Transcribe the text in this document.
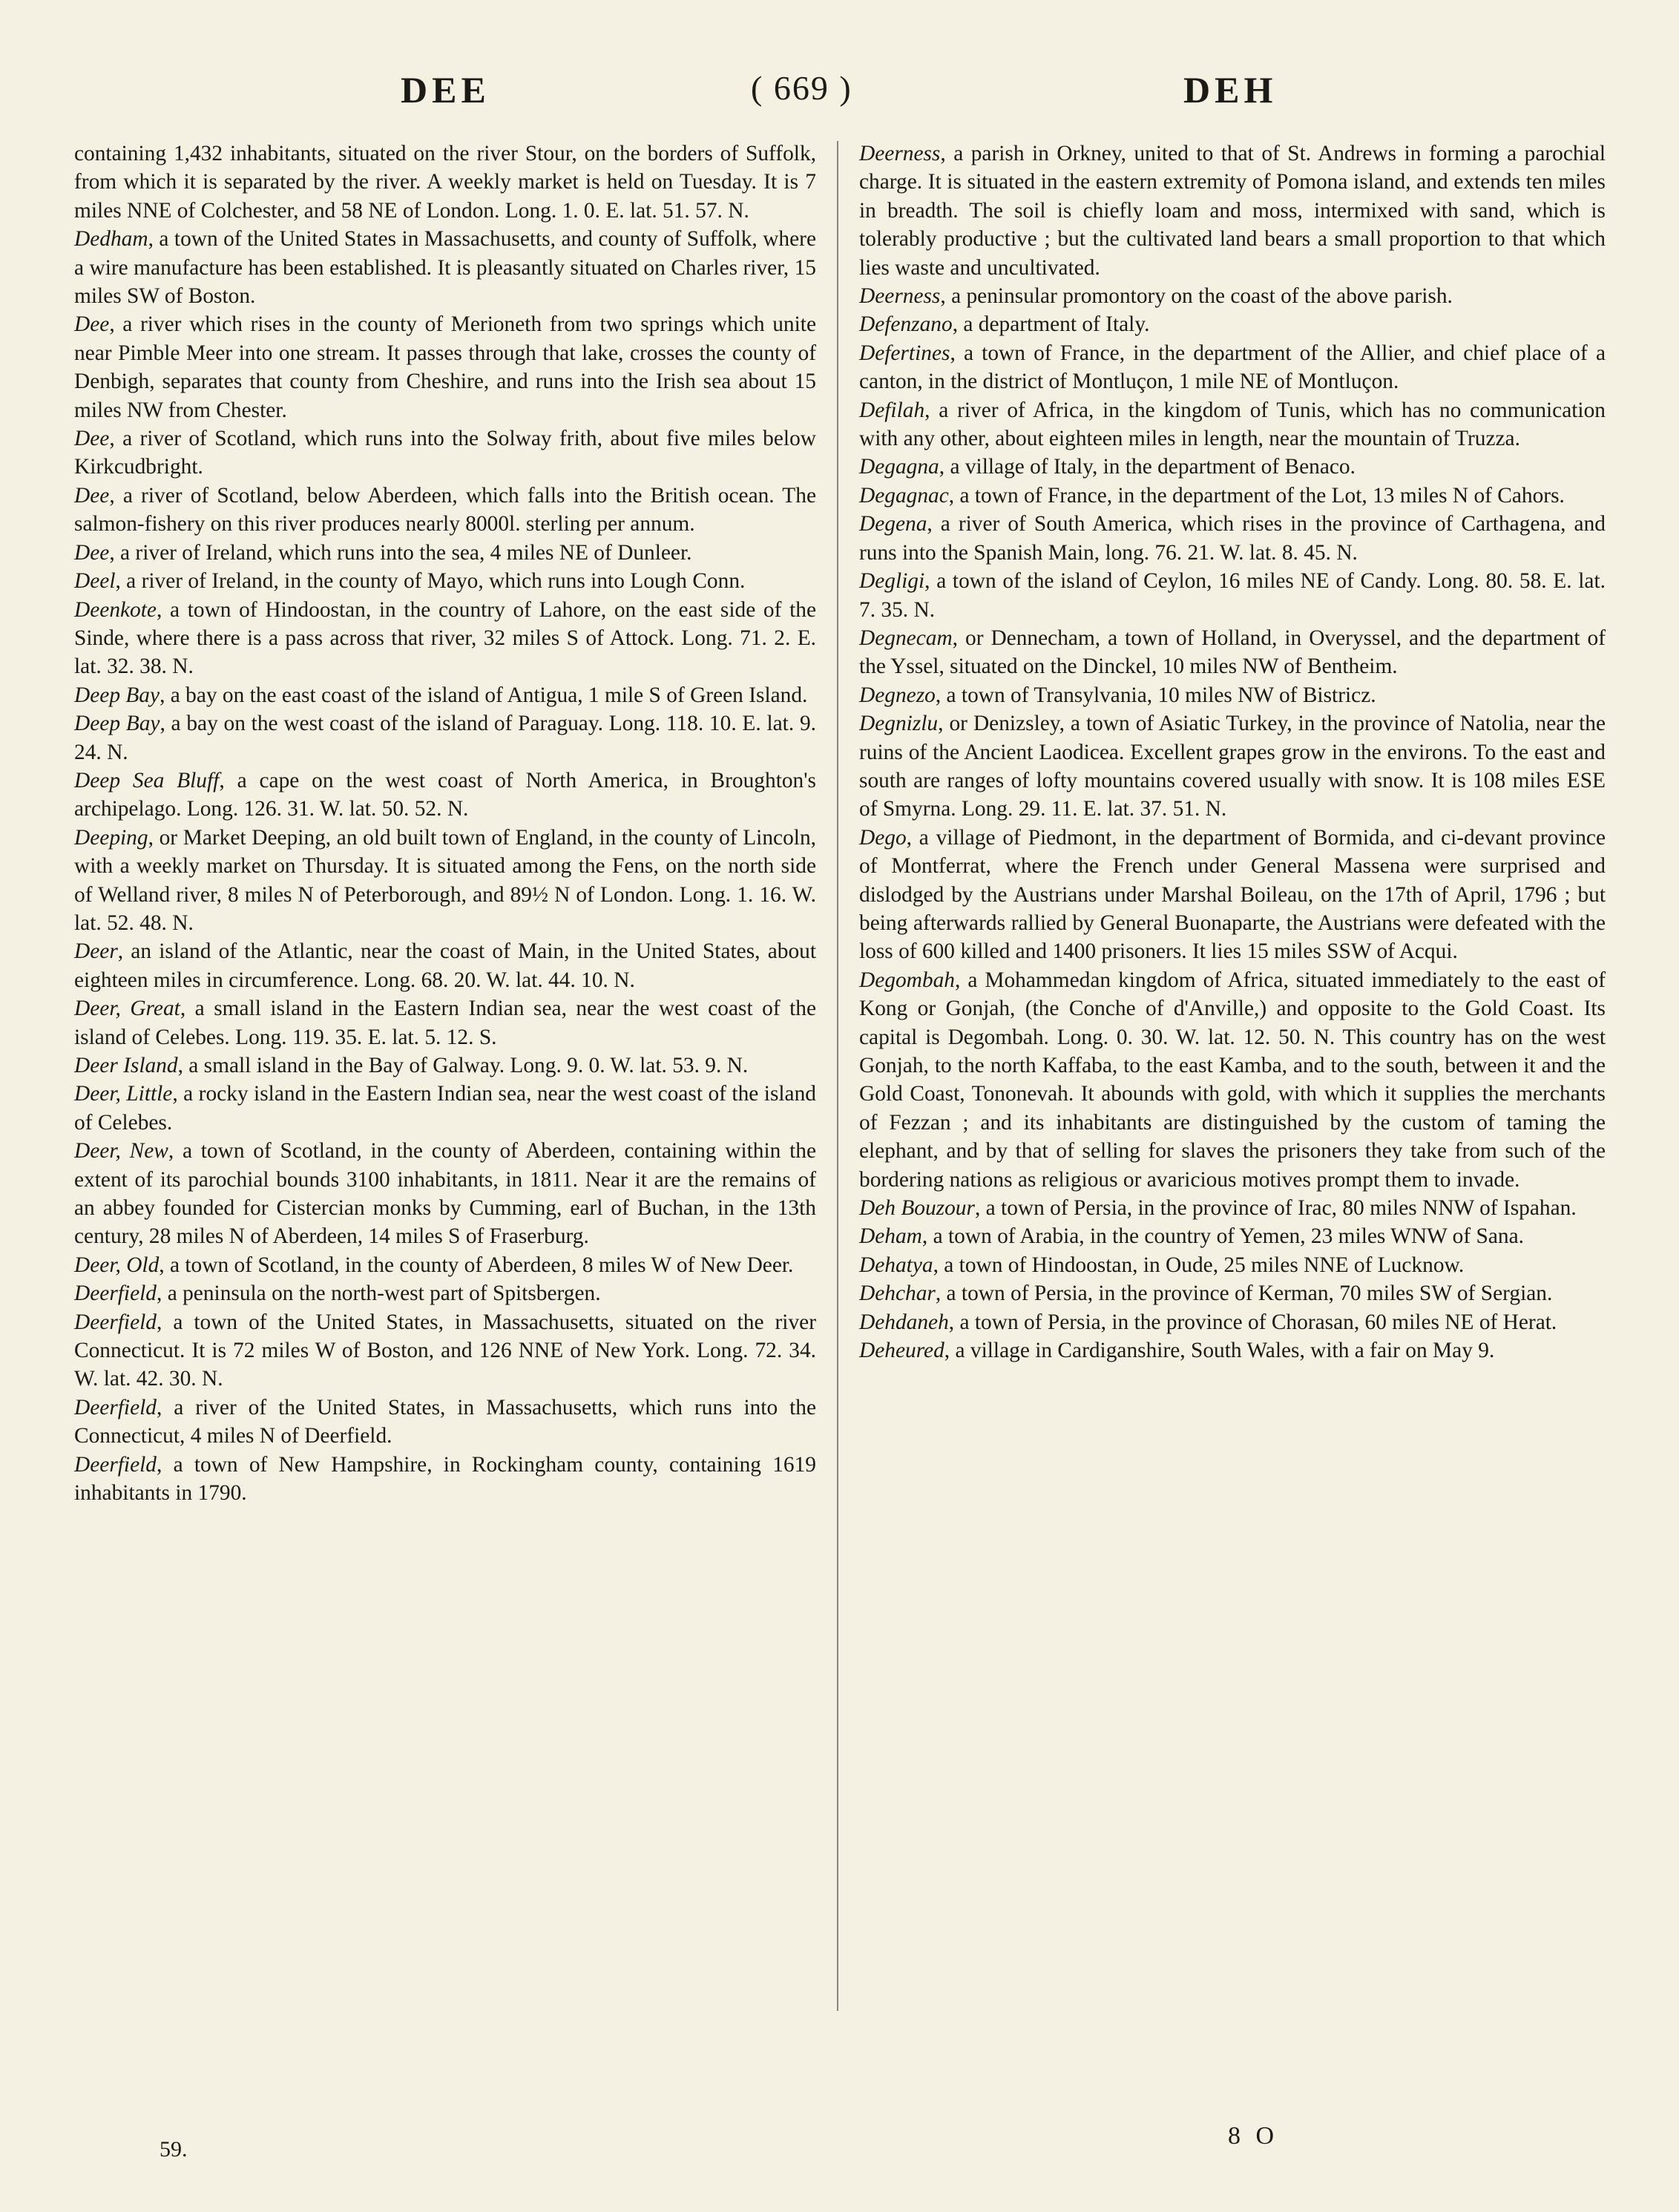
DEE	( 669 )	DEH

containing 1,432 inhabitants, situated on the river Stour, on the borders of Suffolk, from which it is separated by the river. A weekly market is held on Tuesday. It is 7 miles NNE of Colchester, and 58 NE of London. Long. 1. 0. E. lat. 51. 57. N.

Dedham, a town of the United States in Massachusetts, and county of Suffolk, where a wire manufacture has been established. It is pleasantly situated on Charles river, 15 miles SW of Boston.

Dee, a river which rises in the county of Merioneth from two springs which unite near Pimble Meer into one stream. It passes through that lake, crosses the county of Denbigh, separates that county from Cheshire, and runs into the Irish sea about 15 miles NW from Chester.

Dee, a river of Scotland, which runs into the Solway frith, about five miles below Kirkcudbright.

Dee, a river of Scotland, below Aberdeen, which falls into the British ocean. The salmon-fishery on this river produces nearly 8000l. sterling per annum.

Dee, a river of Ireland, which runs into the sea, 4 miles NE of Dunleer.

Deel, a river of Ireland, in the county of Mayo, which runs into Lough Conn.

Deenkote, a town of Hindoostan, in the country of Lahore, on the east side of the Sinde, where there is a pass across that river, 32 miles S of Attock. Long. 71. 2. E. lat. 32. 38. N.

Deep Bay, a bay on the east coast of the island of Antigua, 1 mile S of Green Island.

Deep Bay, a bay on the west coast of the island of Paraguay. Long. 118. 10. E. lat. 9. 24. N.

Deep Sea Bluff, a cape on the west coast of North America, in Broughton's archipelago. Long. 126. 31. W. lat. 50. 52. N.

Deeping, or Market Deeping, an old built town of England, in the county of Lincoln, with a weekly market on Thursday. It is situated among the Fens, on the north side of Welland river, 8 miles N of Peterborough, and 89½ N of London. Long. 1. 16. W. lat. 52. 48. N.

Deer, an island of the Atlantic, near the coast of Main, in the United States, about eighteen miles in circumference. Long. 68. 20. W. lat. 44. 10. N.

Deer, Great, a small island in the Eastern Indian sea, near the west coast of the island of Celebes. Long. 119. 35. E. lat. 5. 12. S.

Deer Island, a small island in the Bay of Galway. Long. 9. 0. W. lat. 53. 9. N.

Deer, Little, a rocky island in the Eastern Indian sea, near the west coast of the island of Celebes.

Deer, New, a town of Scotland, in the county of Aberdeen, containing within the extent of its parochial bounds 3100 inhabitants, in 1811. Near it are the remains of an abbey founded for Cistercian monks by Cumming, earl of Buchan, in the 13th century, 28 miles N of Aberdeen, 14 miles S of Fraserburg.

Deer, Old, a town of Scotland, in the county of Aberdeen, 8 miles W of New Deer.

Deerfield, a peninsula on the north-west part of Spitsbergen.

Deerfield, a town of the United States, in Massachusetts, situated on the river Connecticut. It is 72 miles W of Boston, and 126 NNE of New York. Long. 72. 34. W. lat. 42. 30. N.

Deerfield, a river of the United States, in Massachusetts, which runs into the Connecticut, 4 miles N of Deerfield.

Deerfield, a town of New Hampshire, in Rockingham county, containing 1619 inhabitants in 1790.

Deerness, a parish in Orkney, united to that of St. Andrews in forming a parochial charge. It is situated in the eastern extremity of Pomona island, and extends ten miles in breadth. The soil is chiefly loam and moss, intermixed with sand, which is tolerably productive ; but the cultivated land bears a small proportion to that which lies waste and uncultivated.

Deerness, a peninsular promontory on the coast of the above parish.

Defenzano, a department of Italy.

Defertines, a town of France, in the department of the Allier, and chief place of a canton, in the district of Montluçon, 1 mile NE of Montluçon.

Defilah, a river of Africa, in the kingdom of Tunis, which has no communication with any other, about eighteen miles in length, near the mountain of Truzza.

Degagna, a village of Italy, in the department of Benaco.

Degagnac, a town of France, in the department of the Lot, 13 miles N of Cahors.

Degena, a river of South America, which rises in the province of Carthagena, and runs into the Spanish Main, long. 76. 21. W. lat. 8. 45. N.

Degligi, a town of the island of Ceylon, 16 miles NE of Candy. Long. 80. 58. E. lat. 7. 35. N.

Degnecam, or Dennecham, a town of Holland, in Overyssel, and the department of the Yssel, situated on the Dinckel, 10 miles NW of Bentheim.

Degnezo, a town of Transylvania, 10 miles NW of Bistricz.

Degnizlu, or Denizsley, a town of Asiatic Turkey, in the province of Natolia, near the ruins of the Ancient Laodicea. Excellent grapes grow in the environs. To the east and south are ranges of lofty mountains covered usually with snow. It is 108 miles ESE of Smyrna. Long. 29. 11. E. lat. 37. 51. N.

Dego, a village of Piedmont, in the department of Bormida, and ci-devant province of Montferrat, where the French under General Massena were surprised and dislodged by the Austrians under Marshal Boileau, on the 17th of April, 1796 ; but being afterwards rallied by General Buonaparte, the Austrians were defeated with the loss of 600 killed and 1400 prisoners. It lies 15 miles SSW of Acqui.

Degombah, a Mohammedan kingdom of Africa, situated immediately to the east of Kong or Gonjah, (the Conche of d'Anville,) and opposite to the Gold Coast. Its capital is Degombah. Long. 0. 30. W. lat. 12. 50. N. This country has on the west Gonjah, to the north Kaffaba, to the east Kamba, and to the south, between it and the Gold Coast, Tononevah. It abounds with gold, with which it supplies the merchants of Fezzan ; and its inhabitants are distinguished by the custom of taming the elephant, and by that of selling for slaves the prisoners they take from such of the bordering nations as religious or avaricious motives prompt them to invade.

Deh Bouzour, a town of Persia, in the province of Irac, 80 miles NNW of Ispahan.

Deham, a town of Arabia, in the country of Yemen, 23 miles WNW of Sana.

Dehatya, a town of Hindoostan, in Oude, 25 miles NNE of Lucknow.

Dehchar, a town of Persia, in the province of Kerman, 70 miles SW of Sergian.

Dehdaneh, a town of Persia, in the province of Chorasan, 60 miles NE of Herat.

Deheured, a village in Cardiganshire, South Wales, with a fair on May 9.

59.	8 O
